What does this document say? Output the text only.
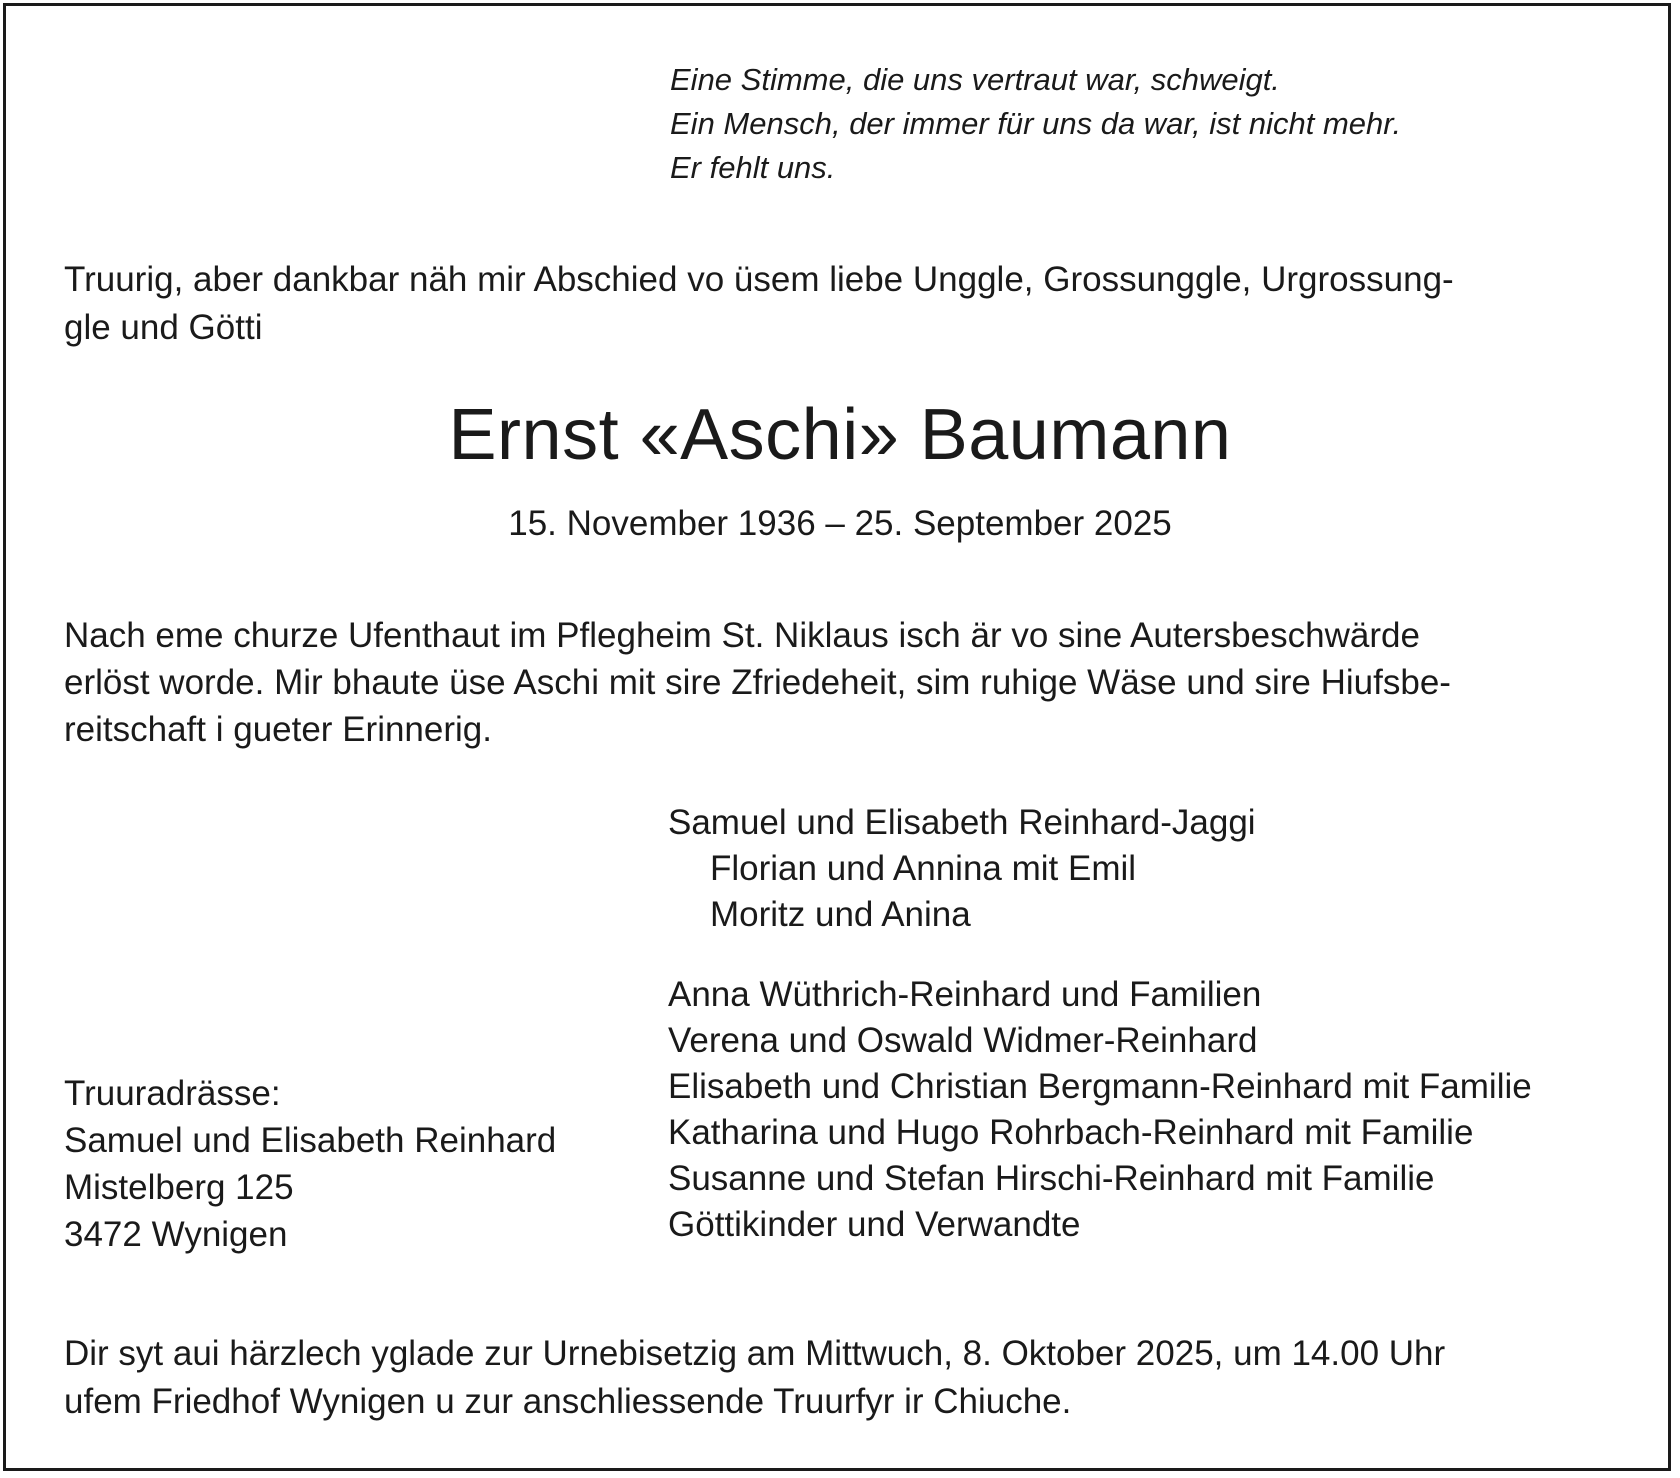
Eine Stimme, die uns vertraut war, schweigt.
Ein Mensch, der immer für uns da war, ist nicht mehr.
Er fehlt uns.
Truurig, aber dankbar näh mir Abschied vo üsem liebe Unggle, Grossunggle, Urgrossung-
gle und Götti
Ernst «Aschi» Baumann
15. November 1936 – 25. September 2025
Nach eme churze Ufenthaut im Pflegheim St. Niklaus isch är vo sine Autersbeschwärde
erlöst worde. Mir bhaute üse Aschi mit sire Zfriedeheit, sim ruhige Wäse und sire Hiufsbe-
reitschaft i gueter Erinnerig.
Samuel und Elisabeth Reinhard-Jaggi
Florian und Annina mit Emil
Moritz und Anina
Anna Wüthrich-Reinhard und Familien
Verena und Oswald Widmer-Reinhard
Elisabeth und Christian Bergmann-Reinhard mit Familie
Katharina und Hugo Rohrbach-Reinhard mit Familie
Susanne und Stefan Hirschi-Reinhard mit Familie
Göttikinder und Verwandte
Truuradrässe:
Samuel und Elisabeth Reinhard
Mistelberg 125
3472 Wynigen
Dir syt aui härzlech yglade zur Urnebisetzig am Mittwuch, 8. Oktober 2025, um 14.00 Uhr
ufem Friedhof Wynigen u zur anschliessende Truurfyr ir Chiuche.
